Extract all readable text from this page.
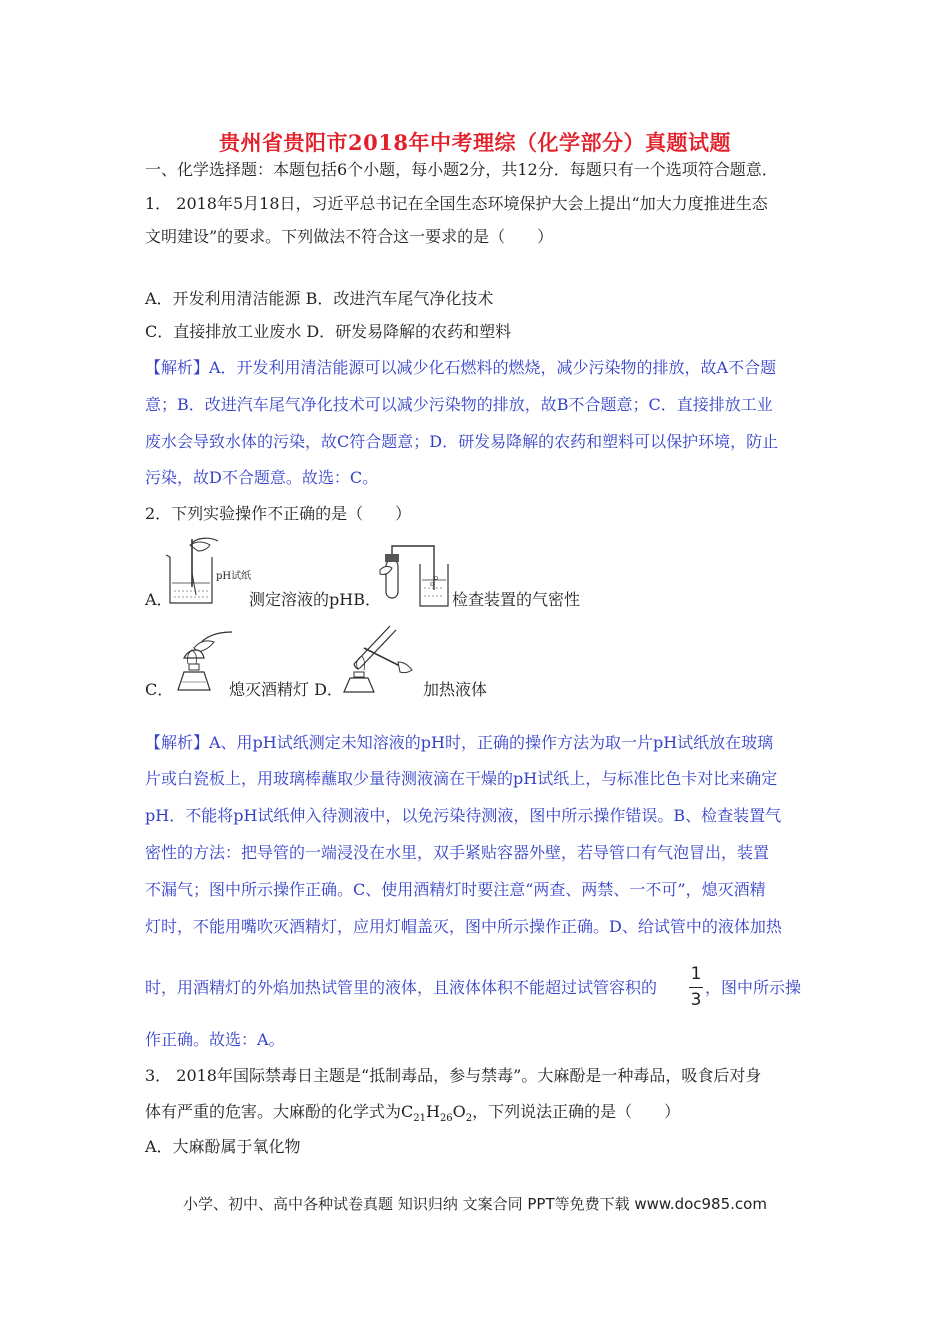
贵州省贵阳市2018年中考理综（化学部分）真题试题
一、化学选择题：本题包括6个小题，每小题2分，共12分．每题只有一个选项符合题意．
1． 2018年5月18日，习近平总书记在全国生态环境保护大会上提出“加大力度推进生态
文明建设”的要求。下列做法不符合这一要求的是（　　）
A．开发利用清洁能源 B．改进汽车尾气净化技术
C．直接排放工业废水 D．研发易降解的农药和塑料
【解析】A．开发利用清洁能源可以减少化石燃料的燃烧，减少污染物的排放，故A不合题
意；B．改进汽车尾气净化技术可以减少污染物的排放，故B不合题意；C．直接排放工业
废水会导致水体的污染，故C符合题意；D．研发易降解的农药和塑料可以保护环境，防止
污染，故D不合题意。故选：C。
2．下列实验操作不正确的是（　　）
pH试纸
A．	测定溶液的pHB．	检查装置的气密性
C．	熄灭酒精灯 D．	加热液体
【解析】A、用pH试纸测定未知溶液的pH时，正确的操作方法为取一片pH试纸放在玻璃
片或白瓷板上，用玻璃棒蘸取少量待测液滴在干燥的pH试纸上，与标准比色卡对比来确定
pH．不能将pH试纸伸入待测液中，以免污染待测液，图中所示操作错误。B、检查装置气
密性的方法：把导管的一端浸没在水里，双手紧贴容器外壁，若导管口有气泡冒出，装置
不漏气；图中所示操作正确。C、使用酒精灯时要注意“两查、两禁、一不可”，熄灭酒精
灯时，不能用嘴吹灭酒精灯，应用灯帽盖灭，图中所示操作正确。D、给试管中的液体加热
时，用酒精灯的外焰加热试管里的液体，且液体体积不能超过试管容积的
1
3
，图中所示操
作正确。故选：A。
3． 2018年国际禁毒日主题是“抵制毒品，参与禁毒”。大麻酚是一种毒品，吸食后对身
体有严重的危害。大麻酚的化学式为$C_{21}H_{26}O_2$，下列说法正确的是（　　）
A．大麻酚属于氧化物
小学、初中、高中各种试卷真题 知识归纳 文案合同 PPT等免费下载 www.doc985.com
